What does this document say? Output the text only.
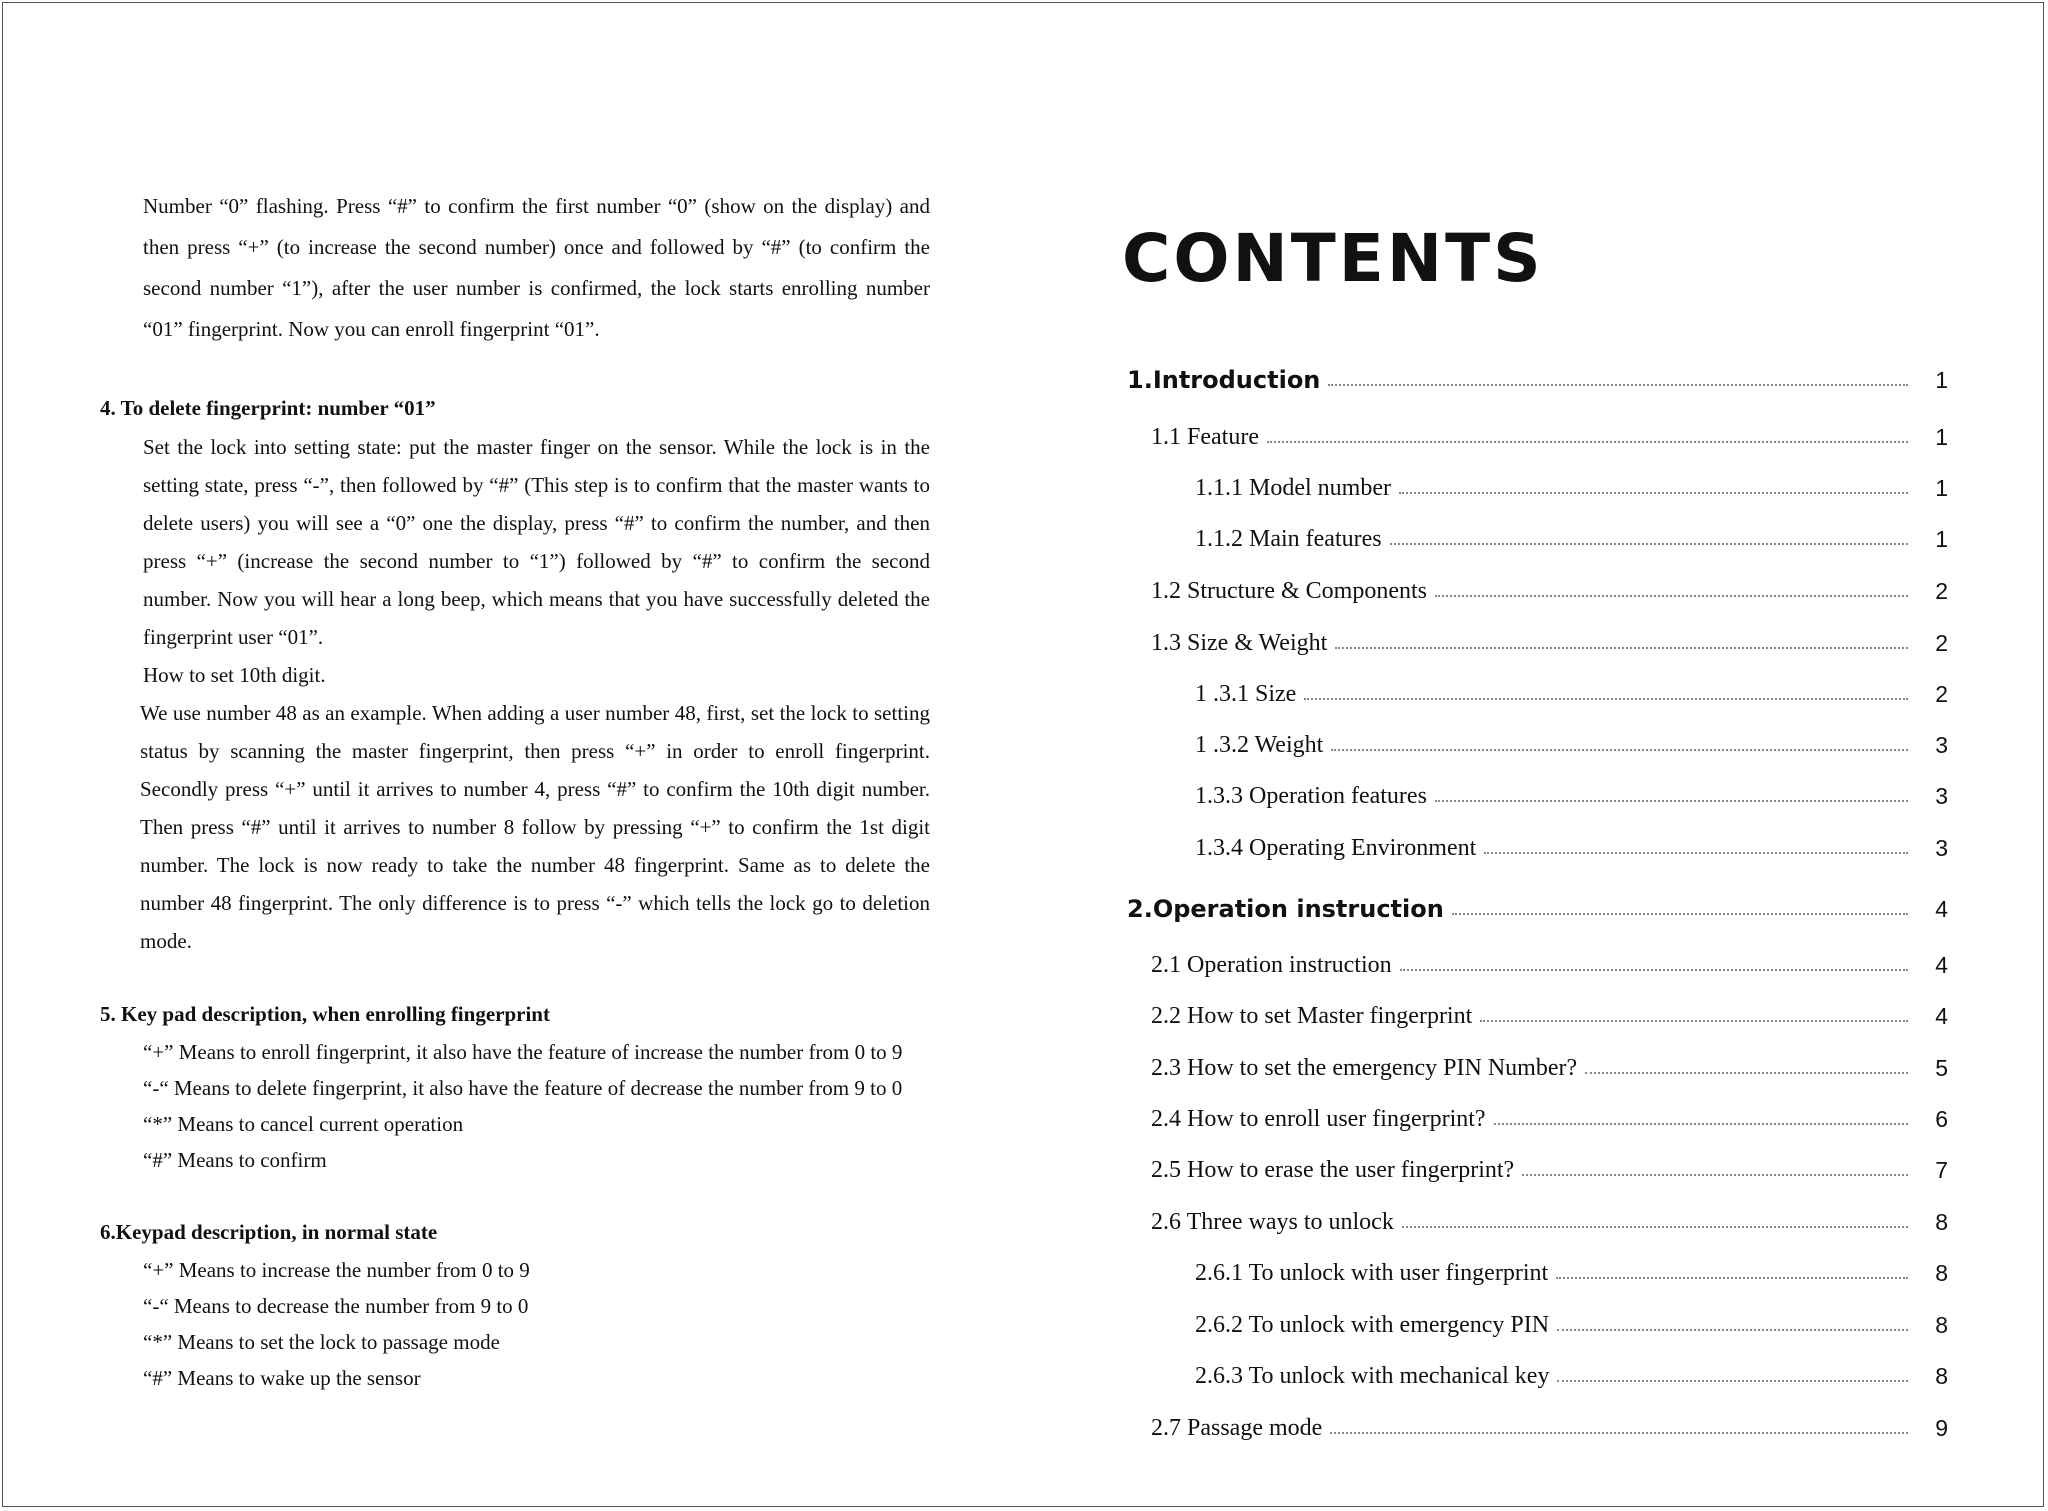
Number “0” flashing. Press “#” to confirm the first number “0” (show on the display) and then press “+” (to increase the second number) once and followed by “#” (to confirm the second number “1”), after the user number is confirmed, the lock starts enrolling number “01” fingerprint. Now you can enroll fingerprint “01”.

4. To delete fingerprint: number “01”

Set the lock into setting state: put the master finger on the sensor. While the lock is in the setting state, press “-”, then followed by “#” (This step is to confirm that the master wants to delete users) you will see a “0” one the display, press “#” to confirm the number, and then press “+” (increase the second number to “1”) followed by “#” to confirm the second number. Now you will hear a long beep, which means that you have successfully deleted the fingerprint user “01”.

How to set 10th digit.

We use number 48 as an example. When adding a user number 48, first, set the lock to setting status by scanning the master fingerprint, then press “+” in order to enroll fingerprint. Secondly press “+” until it arrives to number 4, press “#” to confirm the 10th digit number. Then press “#” until it arrives to number 8 follow by pressing “+” to confirm the 1st digit number. The lock is now ready to take the number 48 fingerprint. Same as to delete the number 48 fingerprint. The only difference is to press “-” which tells the lock go to deletion mode.

5. Key pad description, when enrolling fingerprint

“+” Means to enroll fingerprint, it also have the feature of increase the number from 0 to 9

“-“ Means to delete fingerprint, it also have the feature of decrease the number from 9 to 0

“*” Means to cancel current operation

“#” Means to confirm

6.Keypad description, in normal state

“+” Means to increase the number from 0 to 9

“-“ Means to decrease the number from 9 to 0

“*” Means to set the lock to passage mode

“#” Means to wake up the sensor

CONTENTS
1.Introduction	1
1.1 Feature	1
1.1.1 Model number	1
1.1.2 Main features	1
1.2 Structure & Components	2
1.3 Size & Weight	2
1 .3.1 Size	2
1 .3.2 Weight	3
1.3.3 Operation features	3
1.3.4 Operating Environment	3
2.Operation instruction	4
2.1 Operation instruction	4
2.2 How to set Master fingerprint	4
2.3 How to set the emergency PIN Number?	5
2.4 How to enroll user fingerprint?	6
2.5 How to erase the user fingerprint?	7
2.6 Three ways to unlock	8
2.6.1 To unlock with user fingerprint	8
2.6.2 To unlock with emergency PIN	8
2.6.3 To unlock with mechanical key	8
2.7 Passage mode	9
